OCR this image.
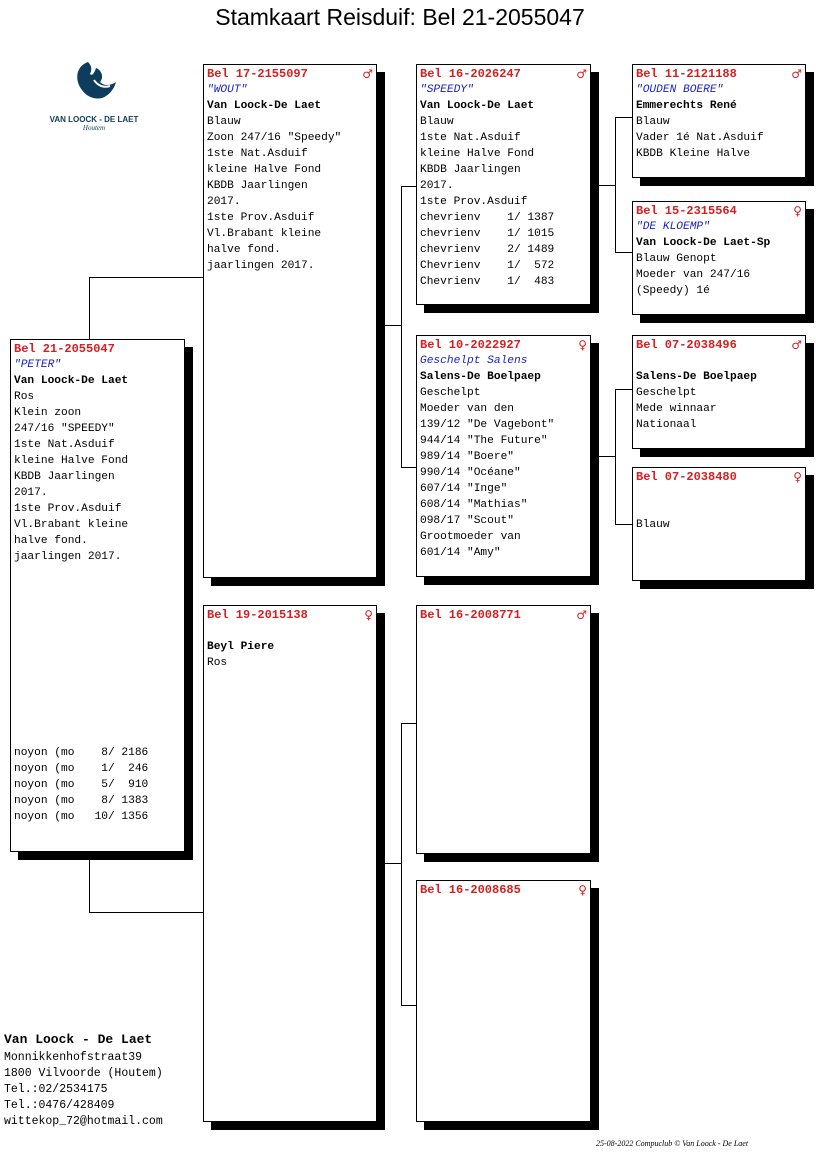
Stamkaart Reisduif: Bel 21-2055047
VAN LOOCK - DE LAET
Houtem
Bel 21-2055047
"PETER"
Van Loock-De Laet
Ros
Klein zoon
247/16 "SPEEDY"
1ste Nat.Asduif
kleine Halve Fond
KBDB Jaarlingen
2017.
1ste Prov.Asduif
Vl.Brabant kleine
halve fond.
jaarlingen 2017.
noyon (mo    8/ 2186
noyon (mo    1/  246
noyon (mo    5/  910
noyon (mo    8/ 1383
noyon (mo   10/ 1356
Bel 17-2155097	♂
"WOUT"
Van Loock-De Laet
Blauw
Zoon 247/16 "Speedy"
1ste Nat.Asduif
kleine Halve Fond
KBDB Jaarlingen
2017.
1ste Prov.Asduif
Vl.Brabant kleine
halve fond.
jaarlingen 2017.
Bel 19-2015138	♀
Beyl Piere
Ros
Bel 16-2026247	♂
"SPEEDY"
Van Loock-De Laet
Blauw
1ste Nat.Asduif
kleine Halve Fond
KBDB Jaarlingen
2017.
1ste Prov.Asduif
chevrienv    1/ 1387
chevrienv    1/ 1015
chevrienv    2/ 1489
Chevrienv    1/  572
Chevrienv    1/  483
Bel 10-2022927	♀
Geschelpt Salens
Salens-De Boelpaep
Geschelpt
Moeder van den
139/12 "De Vagebont"
944/14 "The Future"
989/14 "Boere"
990/14 "Océane"
607/14 "Inge"
608/14 "Mathias"
098/17 "Scout"
Grootmoeder van
601/14 "Amy"
Bel 16-2008771	♂
Bel 16-2008685	♀
Bel 11-2121188	♂
"OUDEN BOERE"
Emmerechts René
Blauw
Vader 1é Nat.Asduif
KBDB Kleine Halve
Bel 15-2315564	♀
"DE KLOEMP"
Van Loock-De Laet-Sp
Blauw Genopt
Moeder van 247/16
(Speedy) 1é
Bel 07-2038496	♂
Salens-De Boelpaep
Geschelpt
Mede winnaar
Nationaal
Bel 07-2038480	♀
Blauw
Van Loock - De Laet
Monnikkenhofstraat39
1800 Vilvoorde (Houtem)
Tel.:02/2534175
Tel.:0476/428409
wittekop_72@hotmail.com
25-08-2022 Compuclub © Van Loock - De Laet
